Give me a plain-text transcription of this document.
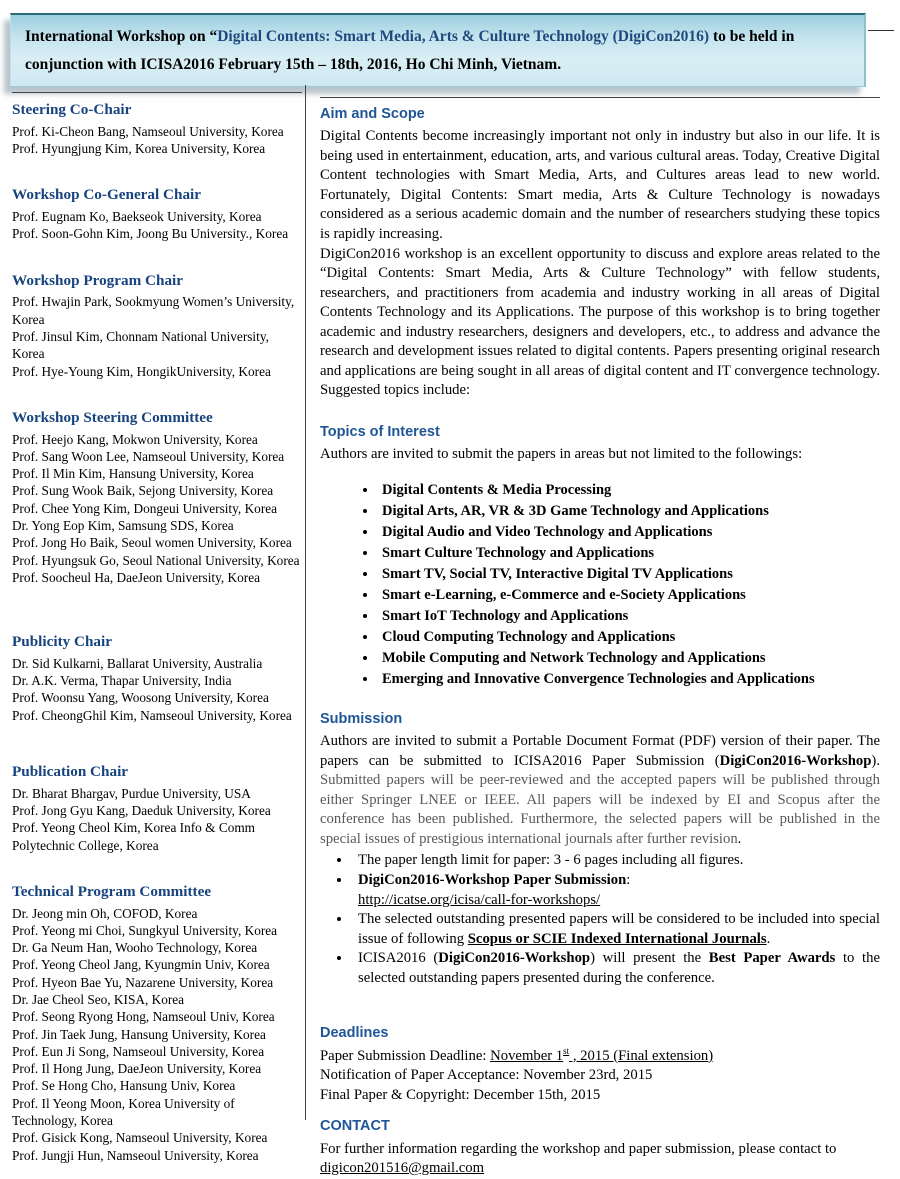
International Workshop on “Digital Contents: Smart Media, Arts & Culture Technology (DigiCon2016) to be held in conjunction with ICISA2016 February 15th – 18th, 2016, Ho Chi Minh, Vietnam.

Steering Co-Chair
Prof. Ki-Cheon Bang, Namseoul University, Korea
Prof. Hyungjung Kim, Korea University, Korea
Workshop Co-General Chair
Prof. Eugnam Ko, Baekseok University, Korea
Prof. Soon-Gohn Kim, Joong Bu University., Korea
Workshop Program Chair
Prof. Hwajin Park, Sookmyung Women’s University, Korea
Prof. Jinsul Kim, Chonnam National University, Korea
Prof. Hye-Young Kim, HongikUniversity, Korea
Workshop Steering Committee
Prof. Heejo Kang, Mokwon University, Korea
Prof. Sang Woon Lee, Namseoul University, Korea
Prof. Il Min Kim, Hansung University, Korea
Prof. Sung Wook Baik, Sejong University, Korea
Prof. Chee Yong Kim, Dongeui University, Korea
Dr. Yong Eop Kim, Samsung SDS, Korea
Prof. Jong Ho Baik, Seoul women University, Korea
Prof. Hyungsuk Go, Seoul National University, Korea
Prof. Soocheul Ha, DaeJeon University, Korea
Publicity Chair
Dr. Sid Kulkarni, Ballarat University, Australia
Dr. A.K. Verma, Thapar University, India
Prof. Woonsu Yang, Woosong University, Korea
Prof. CheongGhil Kim, Namseoul University, Korea
Publication Chair
Dr. Bharat Bhargav, Purdue University, USA
Prof. Jong Gyu Kang, Daeduk University, Korea
Prof. Yeong Cheol Kim, Korea Info & Comm Polytechnic College, Korea
Technical Program Committee
Dr. Jeong min Oh, COFOD, Korea
Prof. Yeong mi Choi, Sungkyul University, Korea
Dr. Ga Neum Han, Wooho Technology, Korea
Prof. Yeong Cheol Jang, Kyungmin Univ, Korea
Prof. Hyeon Bae Yu, Nazarene University, Korea
Dr. Jae Cheol Seo, KISA, Korea
Prof. Seong Ryong Hong, Namseoul Univ, Korea
Prof. Jin Taek Jung, Hansung University, Korea
Prof. Eun Ji Song, Namseoul University, Korea
Prof. Il Hong Jung, DaeJeon University, Korea
Prof. Se Hong Cho, Hansung Univ, Korea
Prof. Il Yeong Moon, Korea University of Technology, Korea
Prof. Gisick Kong, Namseoul University, Korea
Prof. Jungji Hun, Namseoul University, Korea
Aim and Scope

Digital Contents become increasingly important not only in industry but also in our life. It is being used in entertainment, education, arts, and various cultural areas. Today, Creative Digital Content technologies with Smart Media, Arts, and Cultures areas lead to new world. Fortunately, Digital Contents: Smart media, Arts & Culture Technology is nowadays considered as a serious academic domain and the number of researchers studying these topics is rapidly increasing.

DigiCon2016 workshop is an excellent opportunity to discuss and explore areas related to the “Digital Contents: Smart Media, Arts & Culture Technology” with fellow students, researchers, and practitioners from academia and industry working in all areas of Digital Contents Technology and its Applications. The purpose of this workshop is to bring together academic and industry researchers, designers and developers, etc., to address and advance the research and development issues related to digital contents. Papers presenting original research and applications are being sought in all areas of digital content and IT convergence technology. Suggested topics include:

Topics of Interest

Authors are invited to submit the papers in areas but not limited to the followings:

• Digital Contents & Media Processing
• Digital Arts, AR, VR & 3D Game Technology and Applications
• Digital Audio and Video Technology and Applications
• Smart Culture Technology and Applications
• Smart TV, Social TV, Interactive Digital TV Applications
• Smart e-Learning, e-Commerce and e-Society Applications
• Smart IoT Technology and Applications
• Cloud Computing Technology and Applications
• Mobile Computing and Network Technology and Applications
• Emerging and Innovative Convergence Technologies and Applications
Submission

Authors are invited to submit a Portable Document Format (PDF) version of their paper. The papers can be submitted to ICISA2016 Paper Submission (DigiCon2016-Workshop). Submitted papers will be peer-reviewed and the accepted papers will be published through either Springer LNEE or IEEE. All papers will be indexed by EI and Scopus after the conference has been published. Furthermore, the selected papers will be published in the special issues of prestigious international journals after further revision.

• The paper length limit for paper: 3 - 6 pages including all figures.
• DigiCon2016-Workshop Paper Submission:
http://icatse.org/icisa/call-for-workshops/
• The selected outstanding presented papers will be considered to be included into special issue of following Scopus or SCIE Indexed International Journals.
• ICISA2016 (DigiCon2016-Workshop) will present the Best Paper Awards to the selected outstanding papers presented during the conference.
Deadlines

Paper Submission Deadline: November 1st , 2015 (Final extension)

Notification of Paper Acceptance: November 23rd, 2015

Final Paper & Copyright: December 15th, 2015

CONTACT

For further information regarding the workshop and paper submission, please contact to
digicon201516@gmail.com
